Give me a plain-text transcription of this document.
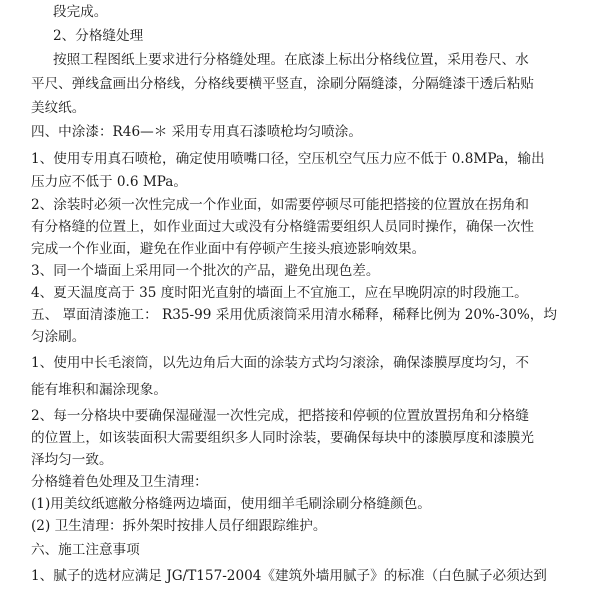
段完成。
2、分格缝处理
按照工程图纸上要求进行分格缝处理。在底漆上标出分格线位置，采用卷尺、水
平尺、弹线盒画出分格线，分格线要横平竖直，涂刷分隔缝漆，分隔缝漆干透后粘贴
美纹纸。
四、中涂漆：R46—＊ 采用专用真石漆喷枪均匀喷涂。
1、使用专用真石喷枪，确定使用喷嘴口径，空压机空气压力应不低于 0.8MPa，输出
压力应不低于 0.6 MPa。
2、涂装时必须一次性完成一个作业面，如需要停顿尽可能把搭接的位置放在拐角和
有分格缝的位置上，如作业面过大或没有分格缝需要组织人员同时操作，确保一次性
完成一个作业面，避免在作业面中有停顿产生接头痕迹影响效果。
3、同一个墙面上采用同一个批次的产品，避免出现色差。
4、夏天温度高于 35 度时阳光直射的墙面上不宜施工，应在早晚阴凉的时段施工。
五、 罩面清漆施工： R35-99 采用优质滚筒采用清水稀释，稀释比例为 20%-30%，均
匀涂刷。
1、使用中长毛滚筒，以先边角后大面的涂装方式均匀滚涂，确保漆膜厚度均匀，不
能有堆积和漏涂现象。
2、每一分格块中要确保湿碰湿一次性完成，把搭接和停顿的位置放置拐角和分格缝
的位置上，如该装面积大需要组织多人同时涂装，要确保每块中的漆膜厚度和漆膜光
泽均匀一致。
分格缝着色处理及卫生清理：
(1)用美纹纸遮敝分格缝两边墙面，使用细羊毛刷涂刷分格缝颜色。
(2) 卫生清理：拆外架时按排人员仔细跟踪维护。
六、施工注意事项
1、腻子的选材应满足 JG/T157-2004《建筑外墙用腻子》的标准（白色腻子必须达到
